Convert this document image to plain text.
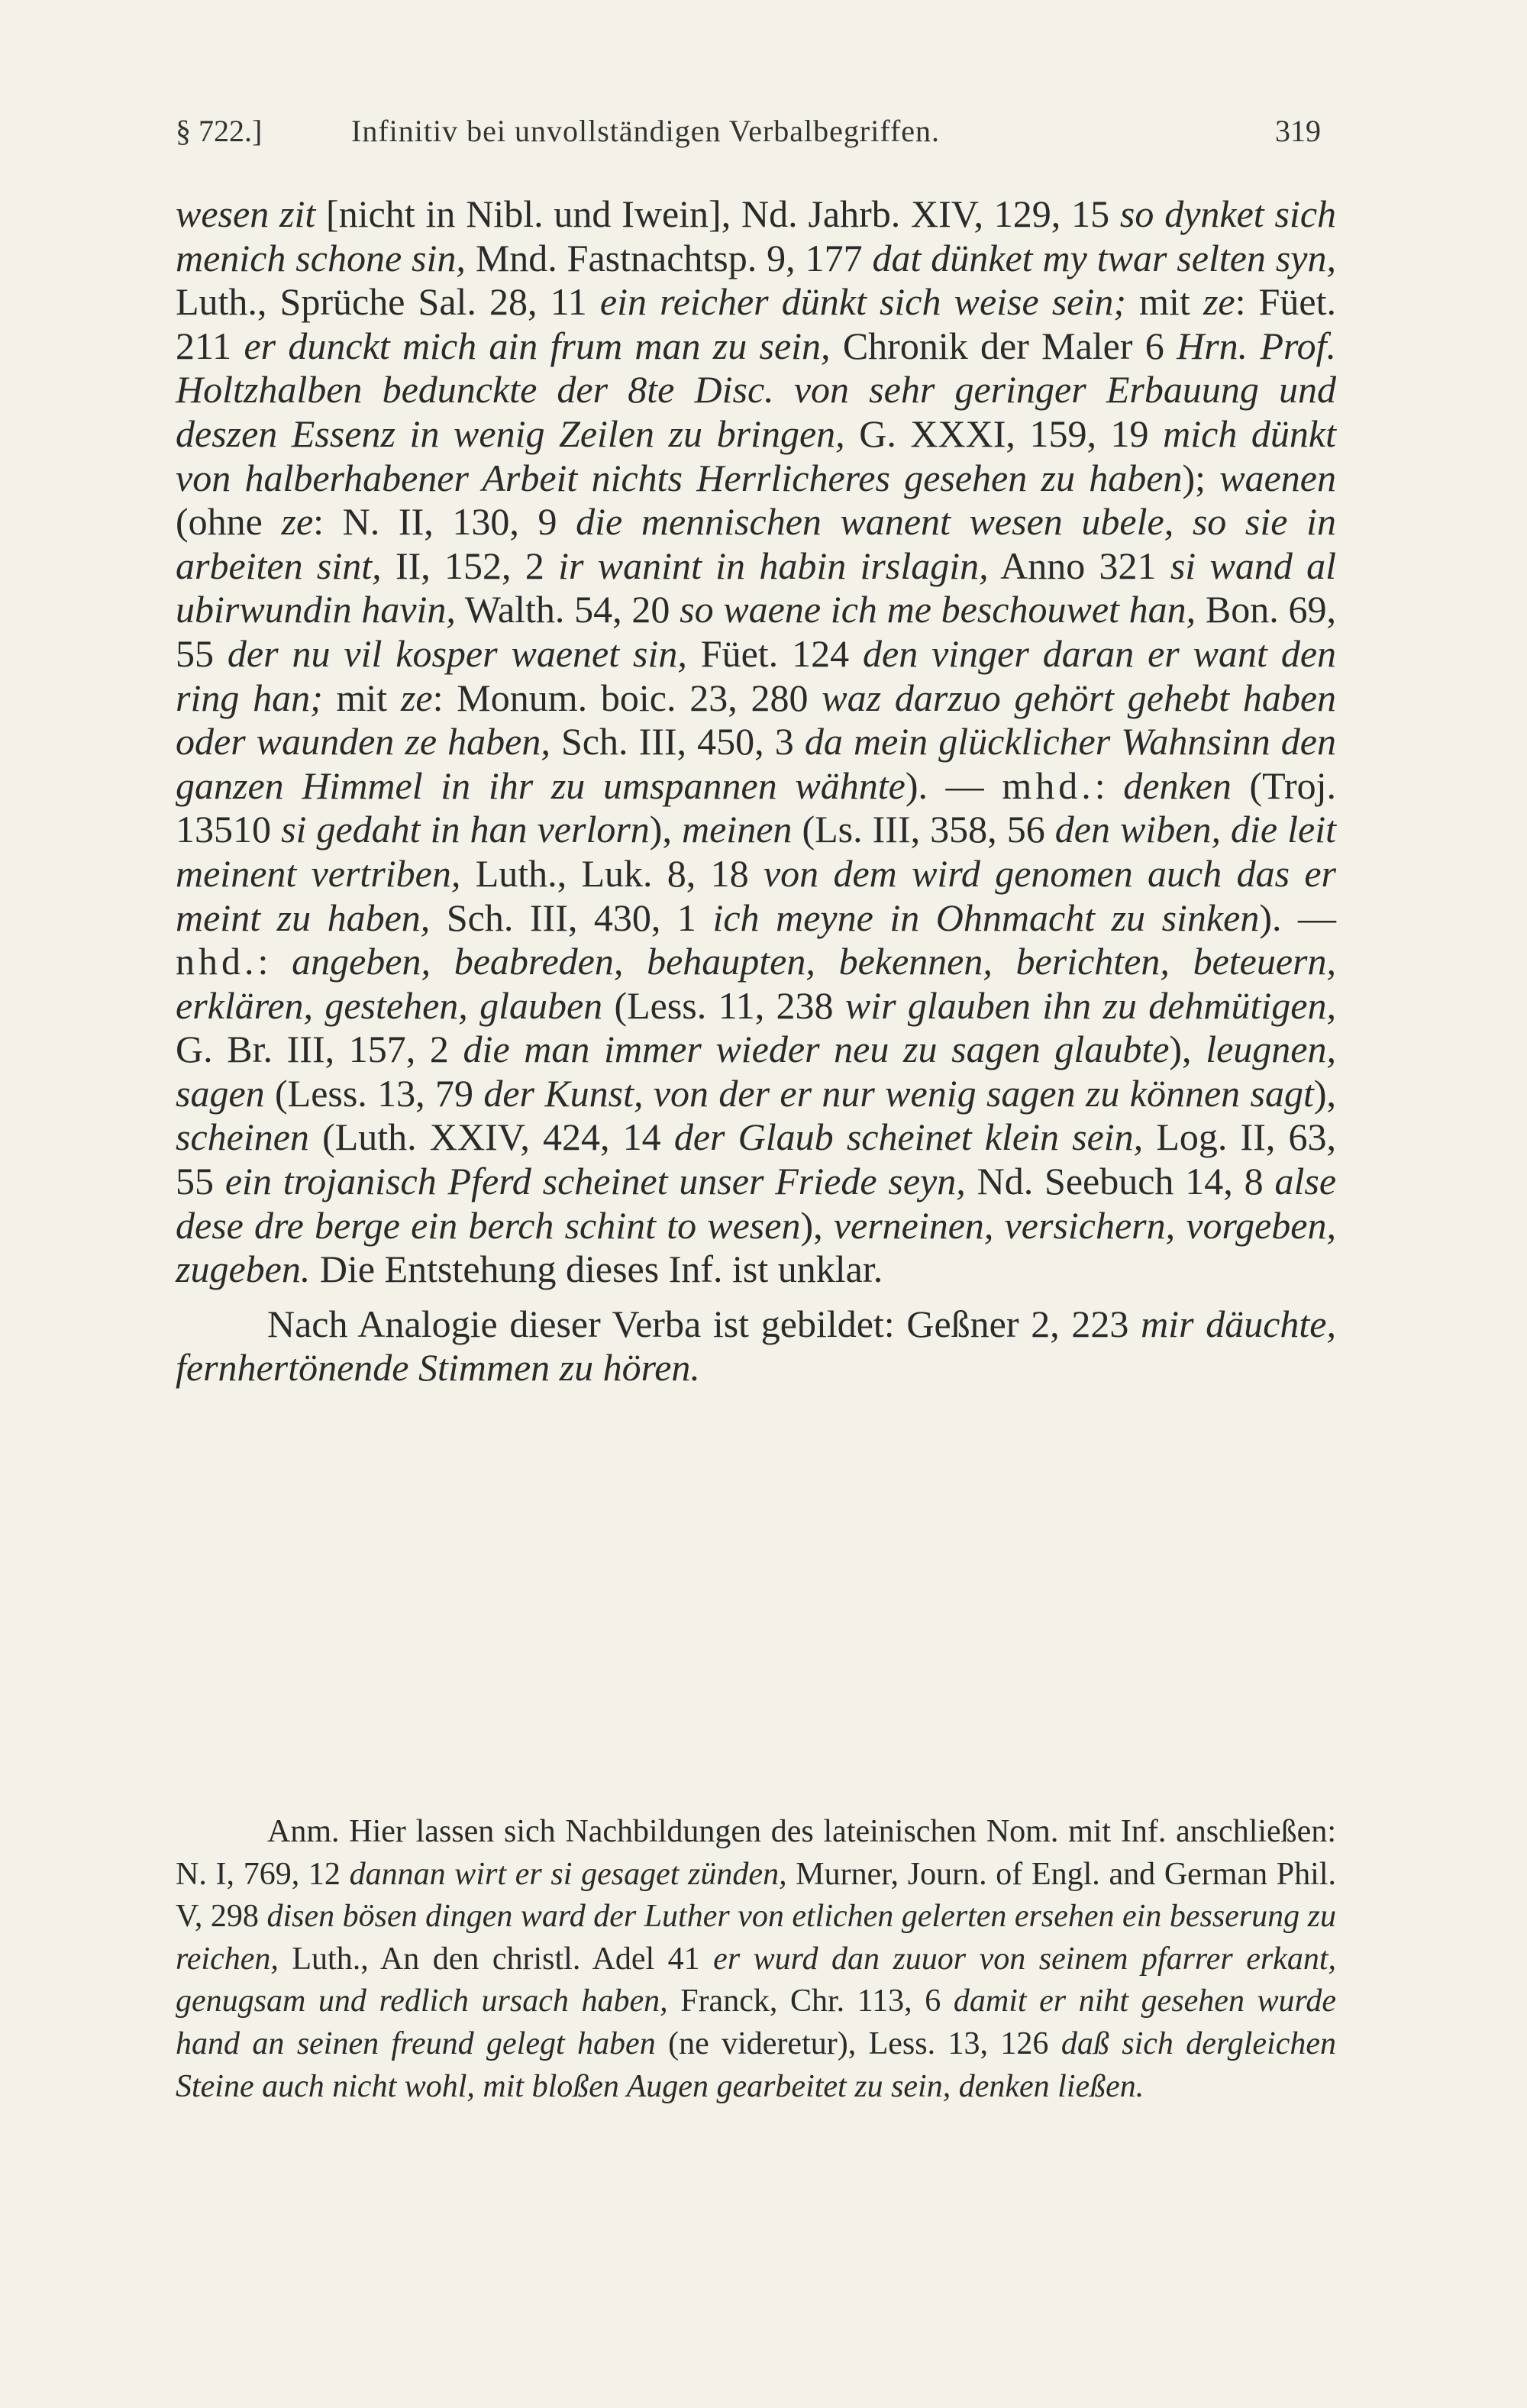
§ 722.]	Infinitiv bei unvollständigen Verbalbegriffen.	319

wesen zit [nicht in Nibl. und Iwein], Nd. Jahrb. XIV, 129, 15 so dynket sich menich schone sin, Mnd. Fastnachtsp. 9, 177 dat dünket my twar selten syn, Luth., Sprüche Sal. 28, 11 ein reicher dünkt sich weise sein; mit ze: Füet. 211 er dunckt mich ain frum man zu sein, Chronik der Maler 6 Hrn. Prof. Holtzhalben bedunckte der 8te Disc. von sehr geringer Erbauung und deszen Essenz in wenig Zeilen zu bringen, G. XXXI, 159, 19 mich dünkt von halberhabener Arbeit nichts Herrlicheres gesehen zu haben); waenen (ohne ze: N. II, 130, 9 die mennischen wanent wesen ubele, so sie in arbeiten sint, II, 152, 2 ir wanint in habin irslagin, Anno 321 si wand al ubirwundin havin, Walth. 54, 20 so waene ich me beschouwet han, Bon. 69, 55 der nu vil kosper waenet sin, Füet. 124 den vinger daran er want den ring han; mit ze: Monum. boic. 23, 280 waz darzuo gehört gehebt haben oder waunden ze haben, Sch. III, 450, 3 da mein glücklicher Wahnsinn den ganzen Himmel in ihr zu umspannen wähnte). — mhd.: denken (Troj. 13510 si gedaht in han verlorn), meinen (Ls. III, 358, 56 den wiben, die leit meinent vertriben, Luth., Luk. 8, 18 von dem wird genomen auch das er meint zu haben, Sch. III, 430, 1 ich meyne in Ohnmacht zu sinken). — nhd.: angeben, beabreden, behaupten, bekennen, berichten, beteuern, erklären, gestehen, glauben (Less. 11, 238 wir glauben ihn zu dehmütigen, G. Br. III, 157, 2 die man immer wieder neu zu sagen glaubte), leugnen, sagen (Less. 13, 79 der Kunst, von der er nur wenig sagen zu können sagt), scheinen (Luth. XXIV, 424, 14 der Glaub scheinet klein sein, Log. II, 63, 55 ein trojanisch Pferd scheinet unser Friede seyn, Nd. Seebuch 14, 8 alse dese dre berge ein berch schint to wesen), verneinen, versichern, vorgeben, zugeben. Die Entstehung dieses Inf. ist unklar.

Nach Analogie dieser Verba ist gebildet: Geßner 2, 223 mir däuchte, fernhertönende Stimmen zu hören.

Anm. Hier lassen sich Nachbildungen des lateinischen Nom. mit Inf. anschließen: N. I, 769, 12 dannan wirt er si gesaget zünden, Murner, Journ. of Engl. and German Phil. V, 298 disen bösen dingen ward der Luther von etlichen gelerten ersehen ein besserung zu reichen, Luth., An den christl. Adel 41 er wurd dan zuuor von seinem pfarrer erkant, genugsam und redlich ursach haben, Franck, Chr. 113, 6 damit er niht gesehen wurde hand an seinen freund gelegt haben (ne videretur), Less. 13, 126 daß sich dergleichen Steine auch nicht wohl, mit bloßen Augen gearbeitet zu sein, denken ließen.
